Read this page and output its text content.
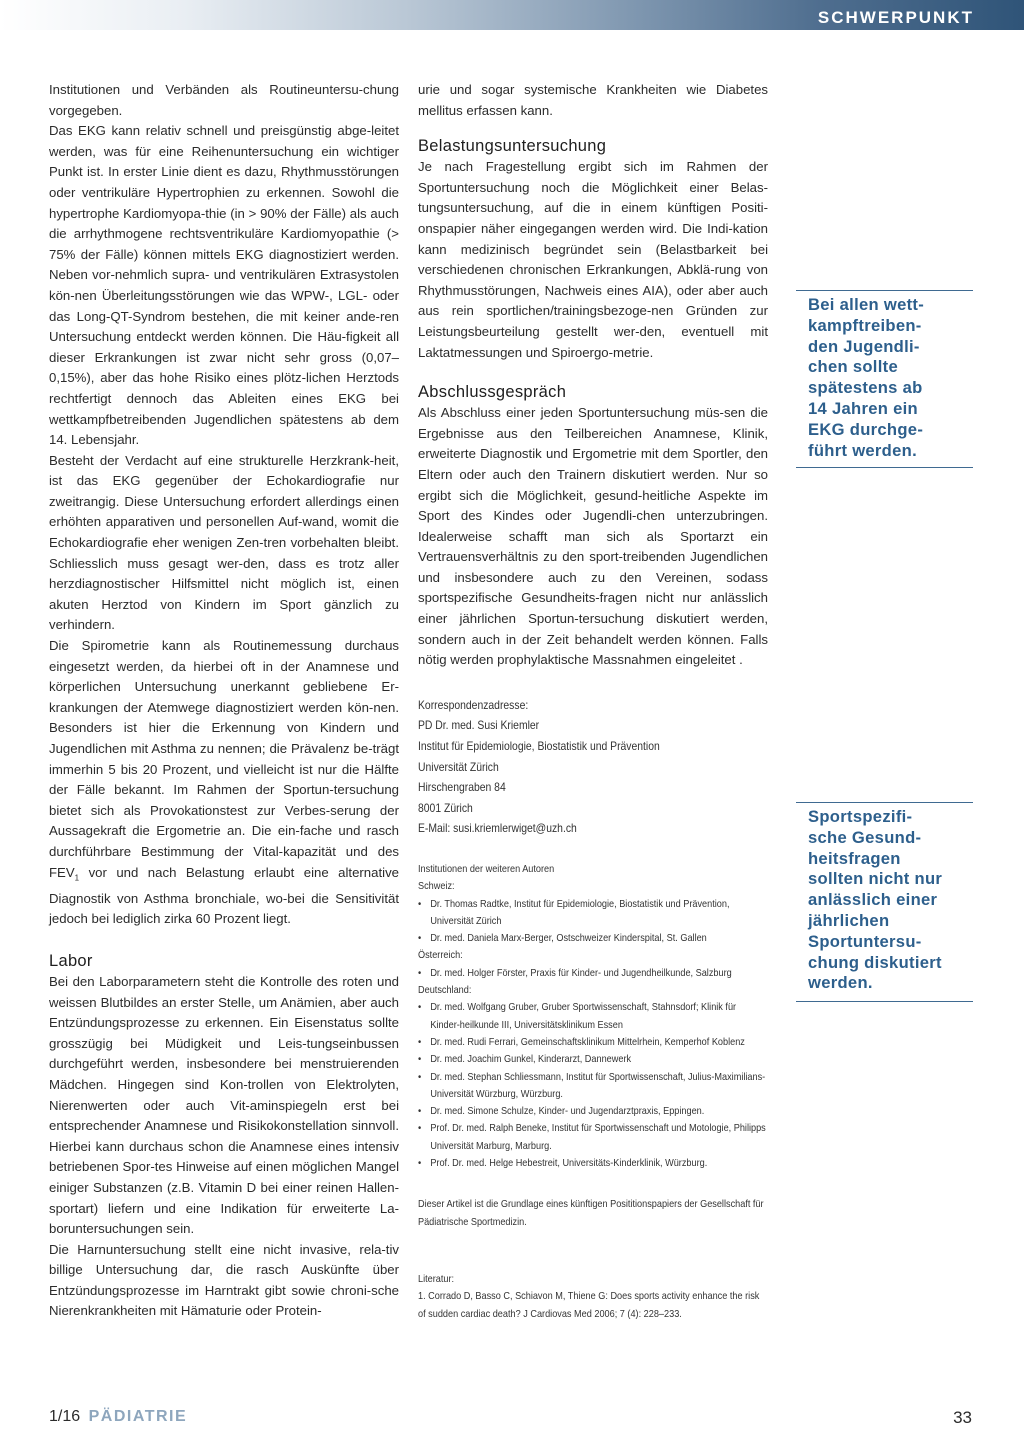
SCHWERPUNKT

Institutionen und Verbänden als Routineuntersu-chung vorgegeben.

Das EKG kann relativ schnell und preisgünstig abge-leitet werden, was für eine Reihenuntersuchung ein wichtiger Punkt ist. In erster Linie dient es dazu, Rhythmusstörungen oder ventrikuläre Hypertrophien zu erkennen. Sowohl die hypertrophe Kardiomyopa-thie (in > 90% der Fälle) als auch die arrhythmogene rechtsventrikuläre Kardiomyopathie (> 75% der Fälle) können mittels EKG diagnostiziert werden. Neben vor-nehmlich supra- und ventrikulären Extrasystolen kön-nen Überleitungsstörungen wie das WPW-, LGL- oder das Long-QT-Syndrom bestehen, die mit keiner ande-ren Untersuchung entdeckt werden können. Die Häu-figkeit all dieser Erkrankungen ist zwar nicht sehr gross (0,07–0,15%), aber das hohe Risiko eines plötz-lichen Herztods rechtfertigt dennoch das Ableiten eines EKG bei wettkampfbetreibenden Jugendlichen spätestens ab dem 14. Lebensjahr.

Besteht der Verdacht auf eine strukturelle Herzkrank-heit, ist das EKG gegenüber der Echokardiografie nur zweitrangig. Diese Untersuchung erfordert allerdings einen erhöhten apparativen und personellen Auf-wand, womit die Echokardiografie eher wenigen Zen-tren vorbehalten bleibt. Schliesslich muss gesagt wer-den, dass es trotz aller herzdiagnostischer Hilfsmittel nicht möglich ist, einen akuten Herztod von Kindern im Sport gänzlich zu verhindern.

Die Spirometrie kann als Routinemessung durchaus eingesetzt werden, da hierbei oft in der Anamnese und körperlichen Untersuchung unerkannt gebliebene Er-krankungen der Atemwege diagnostiziert werden kön-nen. Besonders ist hier die Erkennung von Kindern und Jugendlichen mit Asthma zu nennen; die Prävalenz be-trägt immerhin 5 bis 20 Prozent, und vielleicht ist nur die Hälfte der Fälle bekannt. Im Rahmen der Sportun-tersuchung bietet sich als Provokationstest zur Verbes-serung der Aussagekraft die Ergometrie an. Die ein-fache und rasch durchführbare Bestimmung der Vital-kapazität und des $FEV_1$ vor und nach Belastung erlaubt eine alternative Diagnostik von Asthma bronchiale, wo-bei die Sensitivität jedoch bei lediglich zirka 60 Prozent liegt.

Labor

Bei den Laborparametern steht die Kontrolle des roten und weissen Blutbildes an erster Stelle, um Anämien, aber auch Entzündungsprozesse zu erkennen. Ein Eisenstatus sollte grosszügig bei Müdigkeit und Leis-tungseinbussen durchgeführt werden, insbesondere bei menstruierenden Mädchen. Hingegen sind Kon-trollen von Elektrolyten, Nierenwerten oder auch Vit-aminspiegeln erst bei entsprechender Anamnese und Risikokonstellation sinnvoll. Hierbei kann durchaus schon die Anamnese eines intensiv betriebenen Spor-tes Hinweise auf einen möglichen Mangel einiger Substanzen (z.B. Vitamin D bei einer reinen Hallen-sportart) liefern und eine Indikation für erweiterte La-boruntersuchungen sein.

Die Harnuntersuchung stellt eine nicht invasive, rela-tiv billige Untersuchung dar, die rasch Auskünfte über Entzündungsprozesse im Harntrakt gibt sowie chroni-sche Nierenkrankheiten mit Hämaturie oder Protein-

urie und sogar systemische Krankheiten wie Diabetes mellitus erfassen kann.

Belastungsuntersuchung

Je nach Fragestellung ergibt sich im Rahmen der Sportuntersuchung noch die Möglichkeit einer Belas-tungsuntersuchung, auf die in einem künftigen Positi-onspapier näher eingegangen werden wird. Die Indi-kation kann medizinisch begründet sein (Belastbarkeit bei verschiedenen chronischen Erkrankungen, Abklä-rung von Rhythmusstörungen, Nachweis eines AIA), oder aber auch aus rein sportlichen/trainingsbezoge-nen Gründen zur Leistungsbeurteilung gestellt wer-den, eventuell mit Laktatmessungen und Spiroergo-metrie.

Abschlussgespräch

Als Abschluss einer jeden Sportuntersuchung müs-sen die Ergebnisse aus den Teilbereichen Anamnese, Klinik, erweiterte Diagnostik und Ergometrie mit dem Sportler, den Eltern oder auch den Trainern diskutiert werden. Nur so ergibt sich die Möglichkeit, gesund-heitliche Aspekte im Sport des Kindes oder Jugendli-chen unterzubringen. Idealerweise schafft man sich als Sportarzt ein Vertrauensverhältnis zu den sport-treibenden Jugendlichen und insbesondere auch zu den Vereinen, sodass sportspezifische Gesundheits-fragen nicht nur anlässlich einer jährlichen Sportun-tersuchung diskutiert werden, sondern auch in der Zeit behandelt werden können. Falls nötig werden prophylaktische Massnahmen eingeleitet .

Korrespondenzadresse:
PD Dr. med. Susi Kriemler
Institut für Epidemiologie, Biostatistik und Prävention
Universität Zürich
Hirschengraben 84
8001 Zürich
E-Mail: susi.kriemlerwiget@uzh.ch
Institutionen der weiteren Autoren
Schweiz:
• Dr. Thomas Radtke, Institut für Epidemiologie, Biostatistik und Prävention, Universität Zürich
• Dr. med. Daniela Marx-Berger, Ostschweizer Kinderspital, St. Gallen
Österreich:
• Dr. med. Holger Förster, Praxis für Kinder- und Jugendheilkunde, Salzburg
Deutschland:
• Dr. med. Wolfgang Gruber, Gruber Sportwissenschaft, Stahnsdorf; Klinik für Kinder-heilkunde III, Universitätsklinikum Essen
• Dr. med. Rudi Ferrari, Gemeinschaftsklinikum Mittelrhein, Kemperhof Koblenz
• Dr. med. Joachim Gunkel, Kinderarzt, Dannewerk
• Dr. med. Stephan Schliessmann, Institut für Sportwissenschaft, Julius-Maximilians-Universität Würzburg, Würzburg.
• Dr. med. Simone Schulze, Kinder- und Jugendarztpraxis, Eppingen.
• Prof. Dr. med. Ralph Beneke, Institut für Sportwissenschaft und Motologie, Philipps Universität Marburg, Marburg.
• Prof. Dr. med. Helge Hebestreit, Universitäts-Kinderklinik, Würzburg.
Dieser Artikel ist die Grundlage eines künftigen Posititionspapiers der Gesellschaft für Pädiatrische Sportmedizin.
Literatur:
1. Corrado D, Basso C, Schiavon M, Thiene G: Does sports activity enhance the risk of sudden cardiac death? J Cardiovas Med 2006; 7 (4): 228–233.
Bei allen wett-
kampftreiben-
den Jugendli-
chen sollte
spätestens ab
14 Jahren ein
EKG durchge-
führt werden.
Sportspezifi-
sche Gesund-
heitsfragen
sollten nicht nur
anlässlich einer
jährlichen
Sportuntersu-
chung diskutiert
werden.
1/16 PÄDIATRIE	33
